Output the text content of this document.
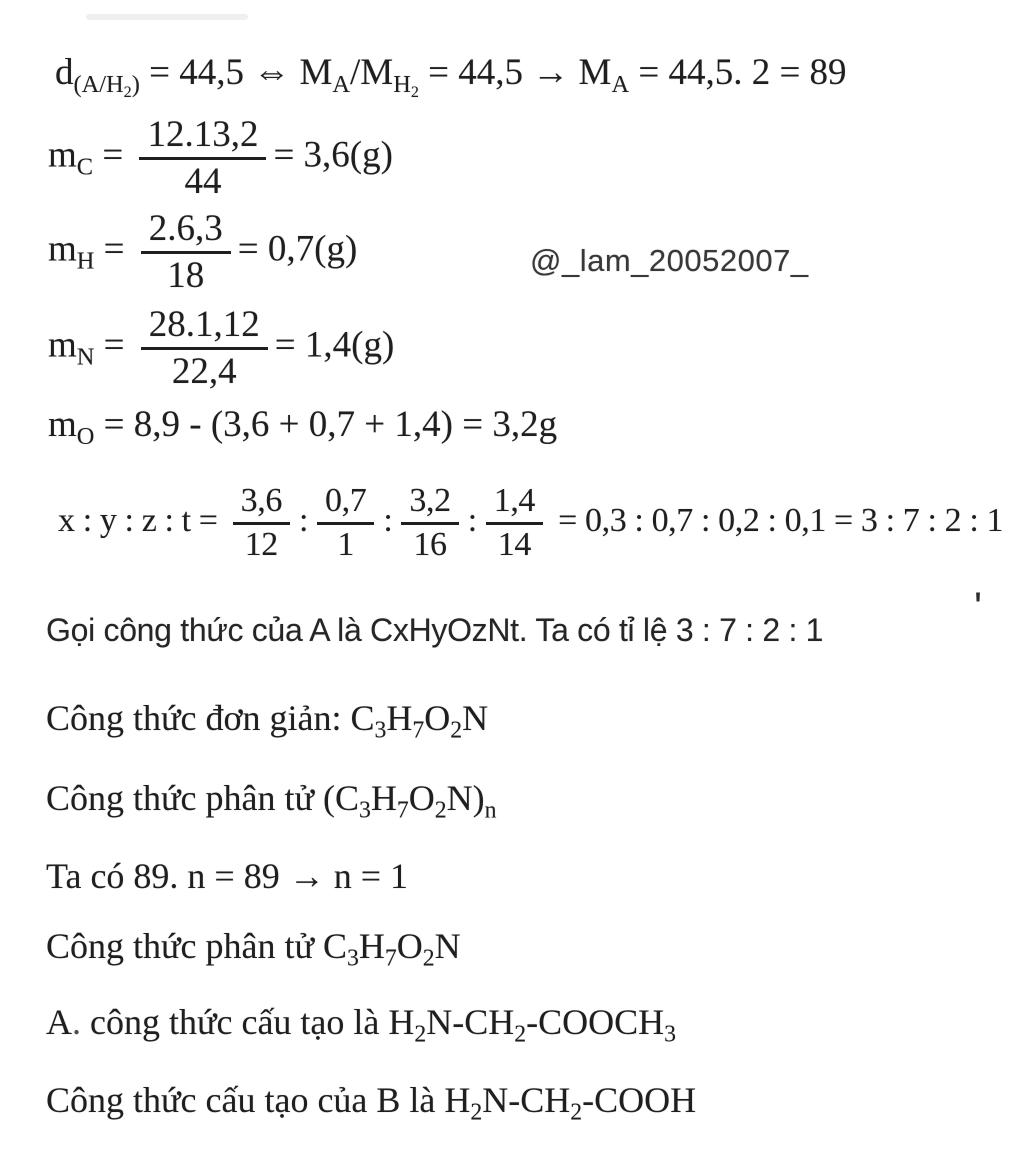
$d_{(A/H_2)} = 44,5$ ⇔ $M_A/M_{H_2} = 44,5 \to M_A = 44,5$. 2 = 89
$m_C = \frac{12.13,2}{44} = 3,6(g)$
$m_H = \frac{2.6,3}{18} = 0,7(g)$	@_lam_20052007_
$m_N = \frac{28.1,12}{22,4} = 1,4(g)$
$m_O = 8,9 - (3,6 + 0,7 + 1,4) = 3,2g$
x : y : z : $t = \frac{3,6}{12}$ : $\frac{0,7}{1}$ : $\frac{3,2}{16}$ : $\frac{1,4}{14} = 0,3$ : 0,7 : 0,2 : 0,1 = 3 : 7 : 2 : 1
'
Gọi công thức của A là CxHyOzNt. Ta có tỉ lệ 3 : 7 : 2 : 1
Công thức đơn giản: $C_3H_7O_2N$
Công thức phân tử $(C_3H_7O_2N)_n$
Ta có 89. n = 89 → n = 1
Công thức phân tử $C_3H_7O_2N$
A. công thức cấu tạo là $H_2N-CH_2-COOCH_3$
Công thức cấu tạo của B là $H_2N-CH_2$-COOH
